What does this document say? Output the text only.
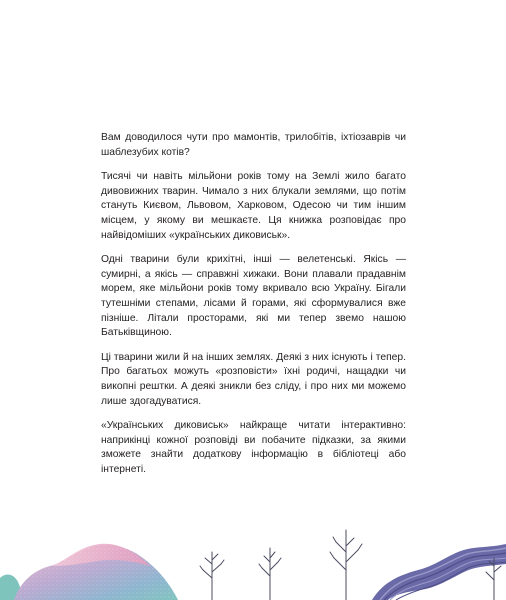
Вам доводилося чути про мамонтів, трилобітів, іхтіозаврів чи шаблезубих котів?

Тисячі чи навіть мільйони років тому на Землі жило багато дивовижних тварин. Чимало з них блукали землями, що потім стануть Києвом, Львовом, Харковом, Одесою чи тим іншим місцем, у якому ви мешкаєте. Ця книжка розповідає про найвідоміших «українських диковиськ».

Одні тварини були крихітні, інші — велетенські. Якісь — сумирні, а якісь — справжні хижаки. Вони плавали прадавнім морем, яке мільйони років тому вкривало всю Україну. Бігали тутешніми степами, лісами й горами, які сформувалися вже пізніше. Літали просторами, які ми тепер звемо нашою Батьківщиною.

Ці тварини жили й на інших землях. Деякі з них існують і тепер. Про багатьох можуть «розповісти» їхні родичі, нащадки чи викопні рештки. А деякі зникли без сліду, і про них ми можемо лише здогадуватися.

«Українських диковиськ» найкраще читати інтерактивно: наприкінці кожної розповіді ви побачите підказки, за якими зможете знайти додаткову інформацію в бібліотеці або інтернеті.
